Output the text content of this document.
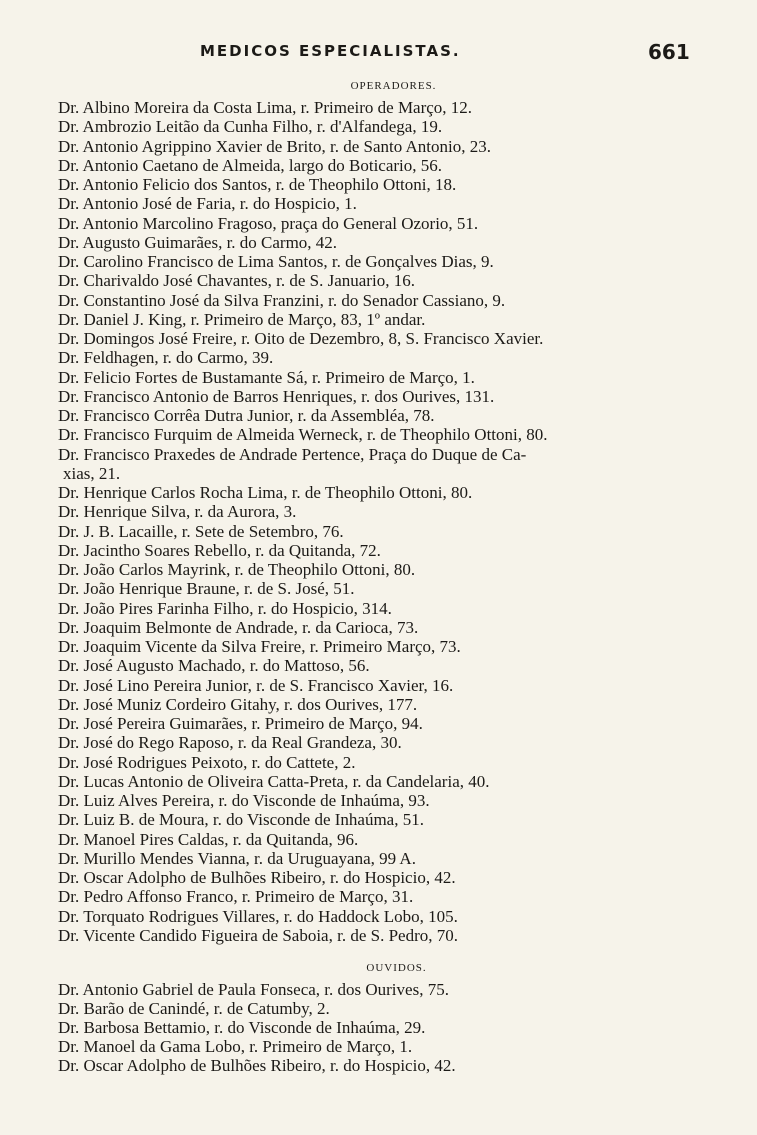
MEDICOS ESPECIALISTAS.	661
OPERADORES.
Dr. Albino Moreira da Costa Lima, r. Primeiro de Março, 12.
Dr. Ambrozio Leitão da Cunha Filho, r. d'Alfandega, 19.
Dr. Antonio Agrippino Xavier de Brito, r. de Santo Antonio, 23.
Dr. Antonio Caetano de Almeida, largo do Boticario, 56.
Dr. Antonio Felicio dos Santos, r. de Theophilo Ottoni, 18.
Dr. Antonio José de Faria, r. do Hospicio, 1.
Dr. Antonio Marcolino Fragoso, praça do General Ozorio, 51.
Dr. Augusto Guimarães, r. do Carmo, 42.
Dr. Carolino Francisco de Lima Santos, r. de Gonçalves Dias, 9.
Dr. Charivaldo José Chavantes, r. de S. Januario, 16.
Dr. Constantino José da Silva Franzini, r. do Senador Cassiano, 9.
Dr. Daniel J. King, r. Primeiro de Março, 83, 1º andar.
Dr. Domingos José Freire, r. Oito de Dezembro, 8, S. Francisco Xavier.
Dr. Feldhagen, r. do Carmo, 39.
Dr. Felicio Fortes de Bustamante Sá, r. Primeiro de Março, 1.
Dr. Francisco Antonio de Barros Henriques, r. dos Ourives, 131.
Dr. Francisco Corrêa Dutra Junior, r. da Assembléa, 78.
Dr. Francisco Furquim de Almeida Werneck, r. de Theophilo Ottoni, 80.
Dr. Francisco Praxedes de Andrade Pertence, Praça do Duque de Ca-
xias, 21.
Dr. Henrique Carlos Rocha Lima, r. de Theophilo Ottoni, 80.
Dr. Henrique Silva, r. da Aurora, 3.
Dr. J. B. Lacaille, r. Sete de Setembro, 76.
Dr. Jacintho Soares Rebello, r. da Quitanda, 72.
Dr. João Carlos Mayrink, r. de Theophilo Ottoni, 80.
Dr. João Henrique Braune, r. de S. José, 51.
Dr. João Pires Farinha Filho, r. do Hospicio, 314.
Dr. Joaquim Belmonte de Andrade, r. da Carioca, 73.
Dr. Joaquim Vicente da Silva Freire, r. Primeiro Março, 73.
Dr. José Augusto Machado, r. do Mattoso, 56.
Dr. José Lino Pereira Junior, r. de S. Francisco Xavier, 16.
Dr. José Muniz Cordeiro Gitahy, r. dos Ourives, 177.
Dr. José Pereira Guimarães, r. Primeiro de Março, 94.
Dr. José do Rego Raposo, r. da Real Grandeza, 30.
Dr. José Rodrigues Peixoto, r. do Cattete, 2.
Dr. Lucas Antonio de Oliveira Catta-Preta, r. da Candelaria, 40.
Dr. Luiz Alves Pereira, r. do Visconde de Inhaúma, 93.
Dr. Luiz B. de Moura, r. do Visconde de Inhaúma, 51.
Dr. Manoel Pires Caldas, r. da Quitanda, 96.
Dr. Murillo Mendes Vianna, r. da Uruguayana, 99 A.
Dr. Oscar Adolpho de Bulhões Ribeiro, r. do Hospicio, 42.
Dr. Pedro Affonso Franco, r. Primeiro de Março, 31.
Dr. Torquato Rodrigues Villares, r. do Haddock Lobo, 105.
Dr. Vicente Candido Figueira de Saboia, r. de S. Pedro, 70.
OUVIDOS.
Dr. Antonio Gabriel de Paula Fonseca, r. dos Ourives, 75.
Dr. Barão de Canindé, r. de Catumby, 2.
Dr. Barbosa Bettamio, r. do Visconde de Inhaúma, 29.
Dr. Manoel da Gama Lobo, r. Primeiro de Março, 1.
Dr. Oscar Adolpho de Bulhões Ribeiro, r. do Hospicio, 42.
